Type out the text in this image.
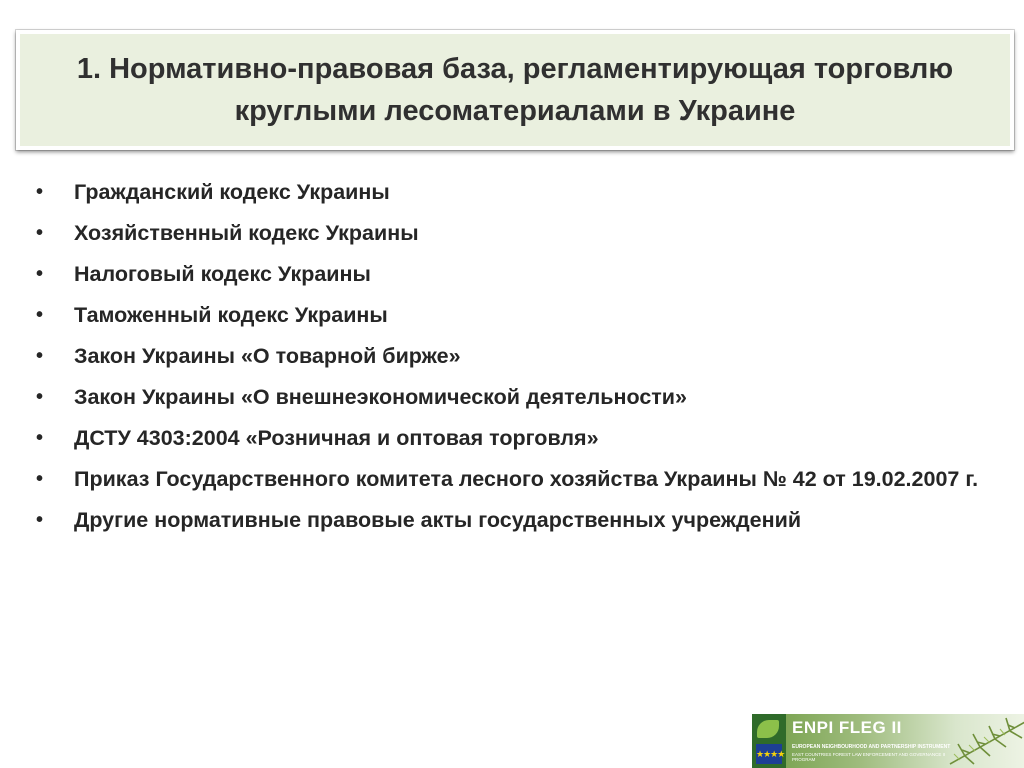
1. Нормативно-правовая база, регламентирующая торговлю круглыми лесоматериалами в Украине
• Гражданский кодекс Украины
• Хозяйственный кодекс Украины
• Налоговый кодекс Украины
• Таможенный кодекс Украины
• Закон Украины «О товарной бирже»
• Закон Украины «О внешнеэкономической деятельности»
• ДСТУ 4303:2004 «Розничная и оптовая торговля»
• Приказ Государственного комитета лесного хозяйства Украины № 42 от 19.02.2007 г.
• Другие нормативные правовые акты государственных учреждений
★★★★
ENPI FLEG II
EUROPEAN NEIGHBOURHOOD AND PARTNERSHIP INSTRUMENT
EAST COUNTRIES FOREST LAW ENFORCEMENT AND GOVERNANCE II PROGRAM
